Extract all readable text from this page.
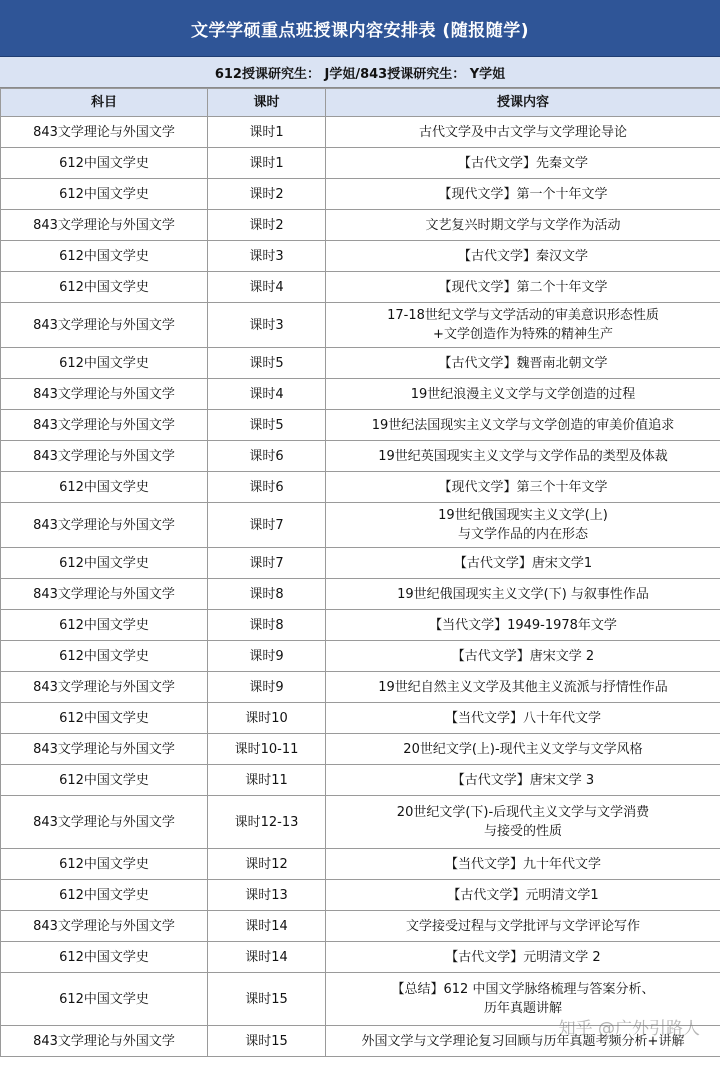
文学学硕重点班授课内容安排表 (随报随学)
612授课研究生： J学姐/843授课研究生： Y学姐
科目	课时	授课内容
843文学理论与外国文学	课时1	古代文学及中古文学与文学理论导论

612中国文学史	课时1	【古代文学】先秦文学

612中国文学史	课时2	【现代文学】第一个十年文学

843文学理论与外国文学	课时2	文艺复兴时期文学与文学作为活动

612中国文学史	课时3	【古代文学】秦汉文学

612中国文学史	课时4	【现代文学】第二个十年文学

843文学理论与外国文学	课时3	17-18世纪文学与文学活动的审美意识形态性质
+文学创造作为特殊的精神生产

612中国文学史	课时5	【古代文学】魏晋南北朝文学

843文学理论与外国文学	课时4	19世纪浪漫主义文学与文学创造的过程

843文学理论与外国文学	课时5	19世纪法国现实主义文学与文学创造的审美价值追求

843文学理论与外国文学	课时6	19世纪英国现实主义文学与文学作品的类型及体裁

612中国文学史	课时6	【现代文学】第三个十年文学

843文学理论与外国文学	课时7	19世纪俄国现实主义文学(上)
与文学作品的内在形态

612中国文学史	课时7	【古代文学】唐宋文学1

843文学理论与外国文学	课时8	19世纪俄国现实主义文学(下) 与叙事性作品

612中国文学史	课时8	【当代文学】1949-1978年文学

612中国文学史	课时9	【古代文学】唐宋文学 2

843文学理论与外国文学	课时9	19世纪自然主义文学及其他主义流派与抒情性作品

612中国文学史	课时10	【当代文学】八十年代文学

843文学理论与外国文学	课时10-11	20世纪文学(上)-现代主义文学与文学风格

612中国文学史	课时11	【古代文学】唐宋文学 3

843文学理论与外国文学	课时12-13	20世纪文学(下)-后现代主义文学与文学消费
与接受的性质

612中国文学史	课时12	【当代文学】九十年代文学

612中国文学史	课时13	【古代文学】元明清文学1

843文学理论与外国文学	课时14	文学接受过程与文学批评与文学评论写作

612中国文学史	课时14	【古代文学】元明清文学 2

612中国文学史	课时15	【总结】612 中国文学脉络梳理与答案分析、
历年真题讲解

843文学理论与外国文学	课时15	外国文学与文学理论复习回顾与历年真题考频分析+讲解
知乎 @广外引路人
